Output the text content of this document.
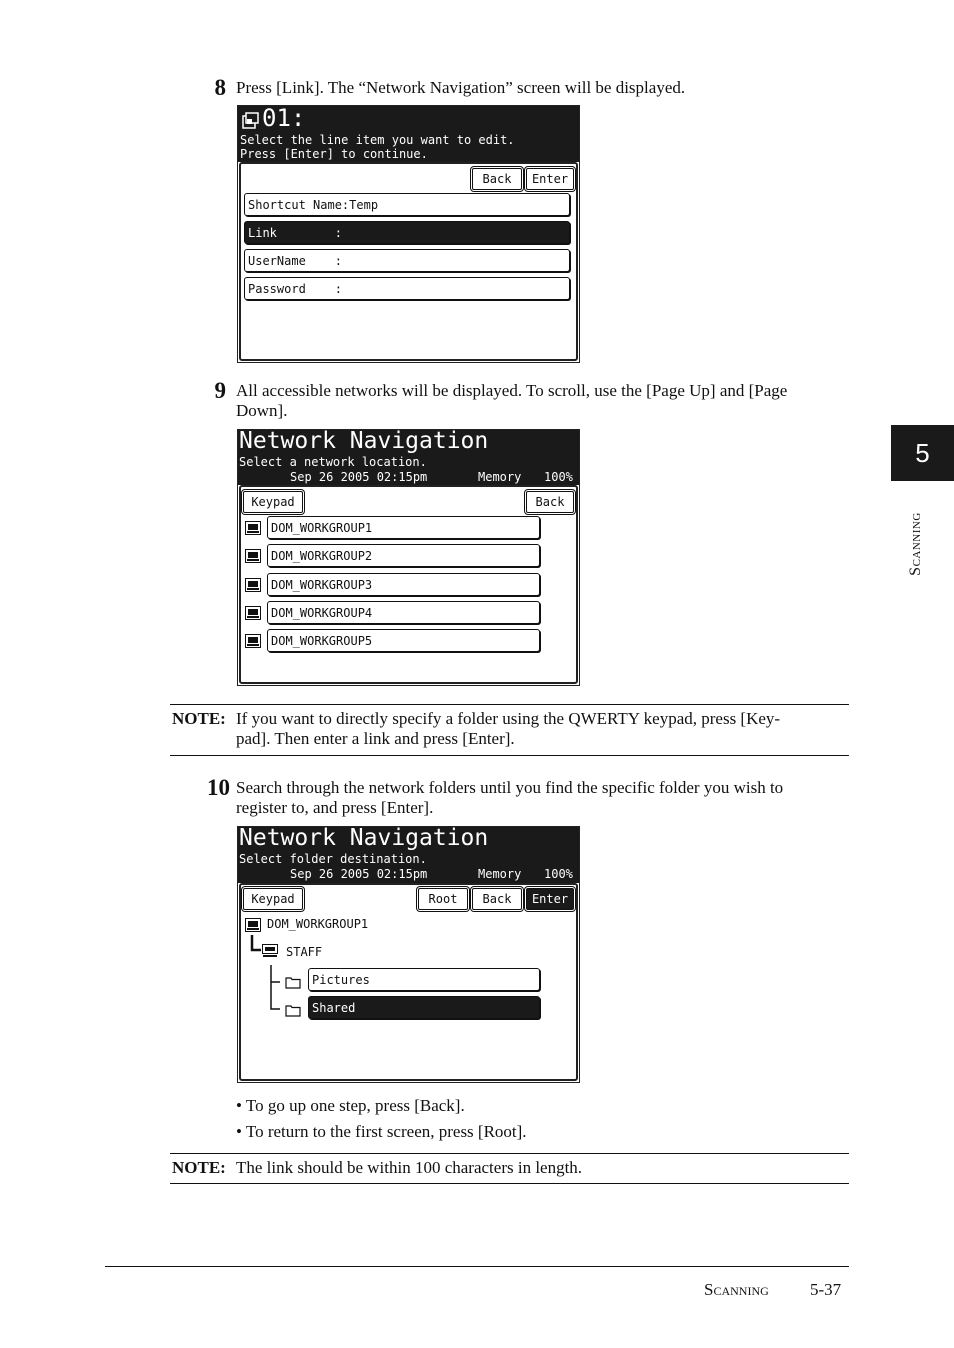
8 Press [Link]. The “Network Navigation” screen will be displayed.
01:
Select the line item you want to edit.
Press [Enter] to continue.
Back	Enter
Shortcut Name:Temp
Link        :
UserName    :
Password    :
9 All accessible networks will be displayed. To scroll, use the [Page Up] and [Page
Down].
Network Navigation
Select a network location.
Sep 26 2005 02:15pm	Memory 100%
Keypad	Back
DOM_WORKGROUP1
DOM_WORKGROUP2
DOM_WORKGROUP3
DOM_WORKGROUP4
DOM_WORKGROUP5
NOTE: If you want to directly specify a folder using the QWERTY keypad, press [Key-
pad]. Then enter a link and press [Enter].
10 Search through the network folders until you find the specific folder you wish to
register to, and press [Enter].
Network Navigation
Select folder destination.
Sep 26 2005 02:15pm	Memory 100%
Keypad	Root	Back	Enter
DOM_WORKGROUP1
STAFF
Pictures
Shared
• To go up one step, press [Back].
• To return to the first screen, press [Root].
NOTE: The link should be within 100 characters in length.
5
Scanning
Scanning 5-37
